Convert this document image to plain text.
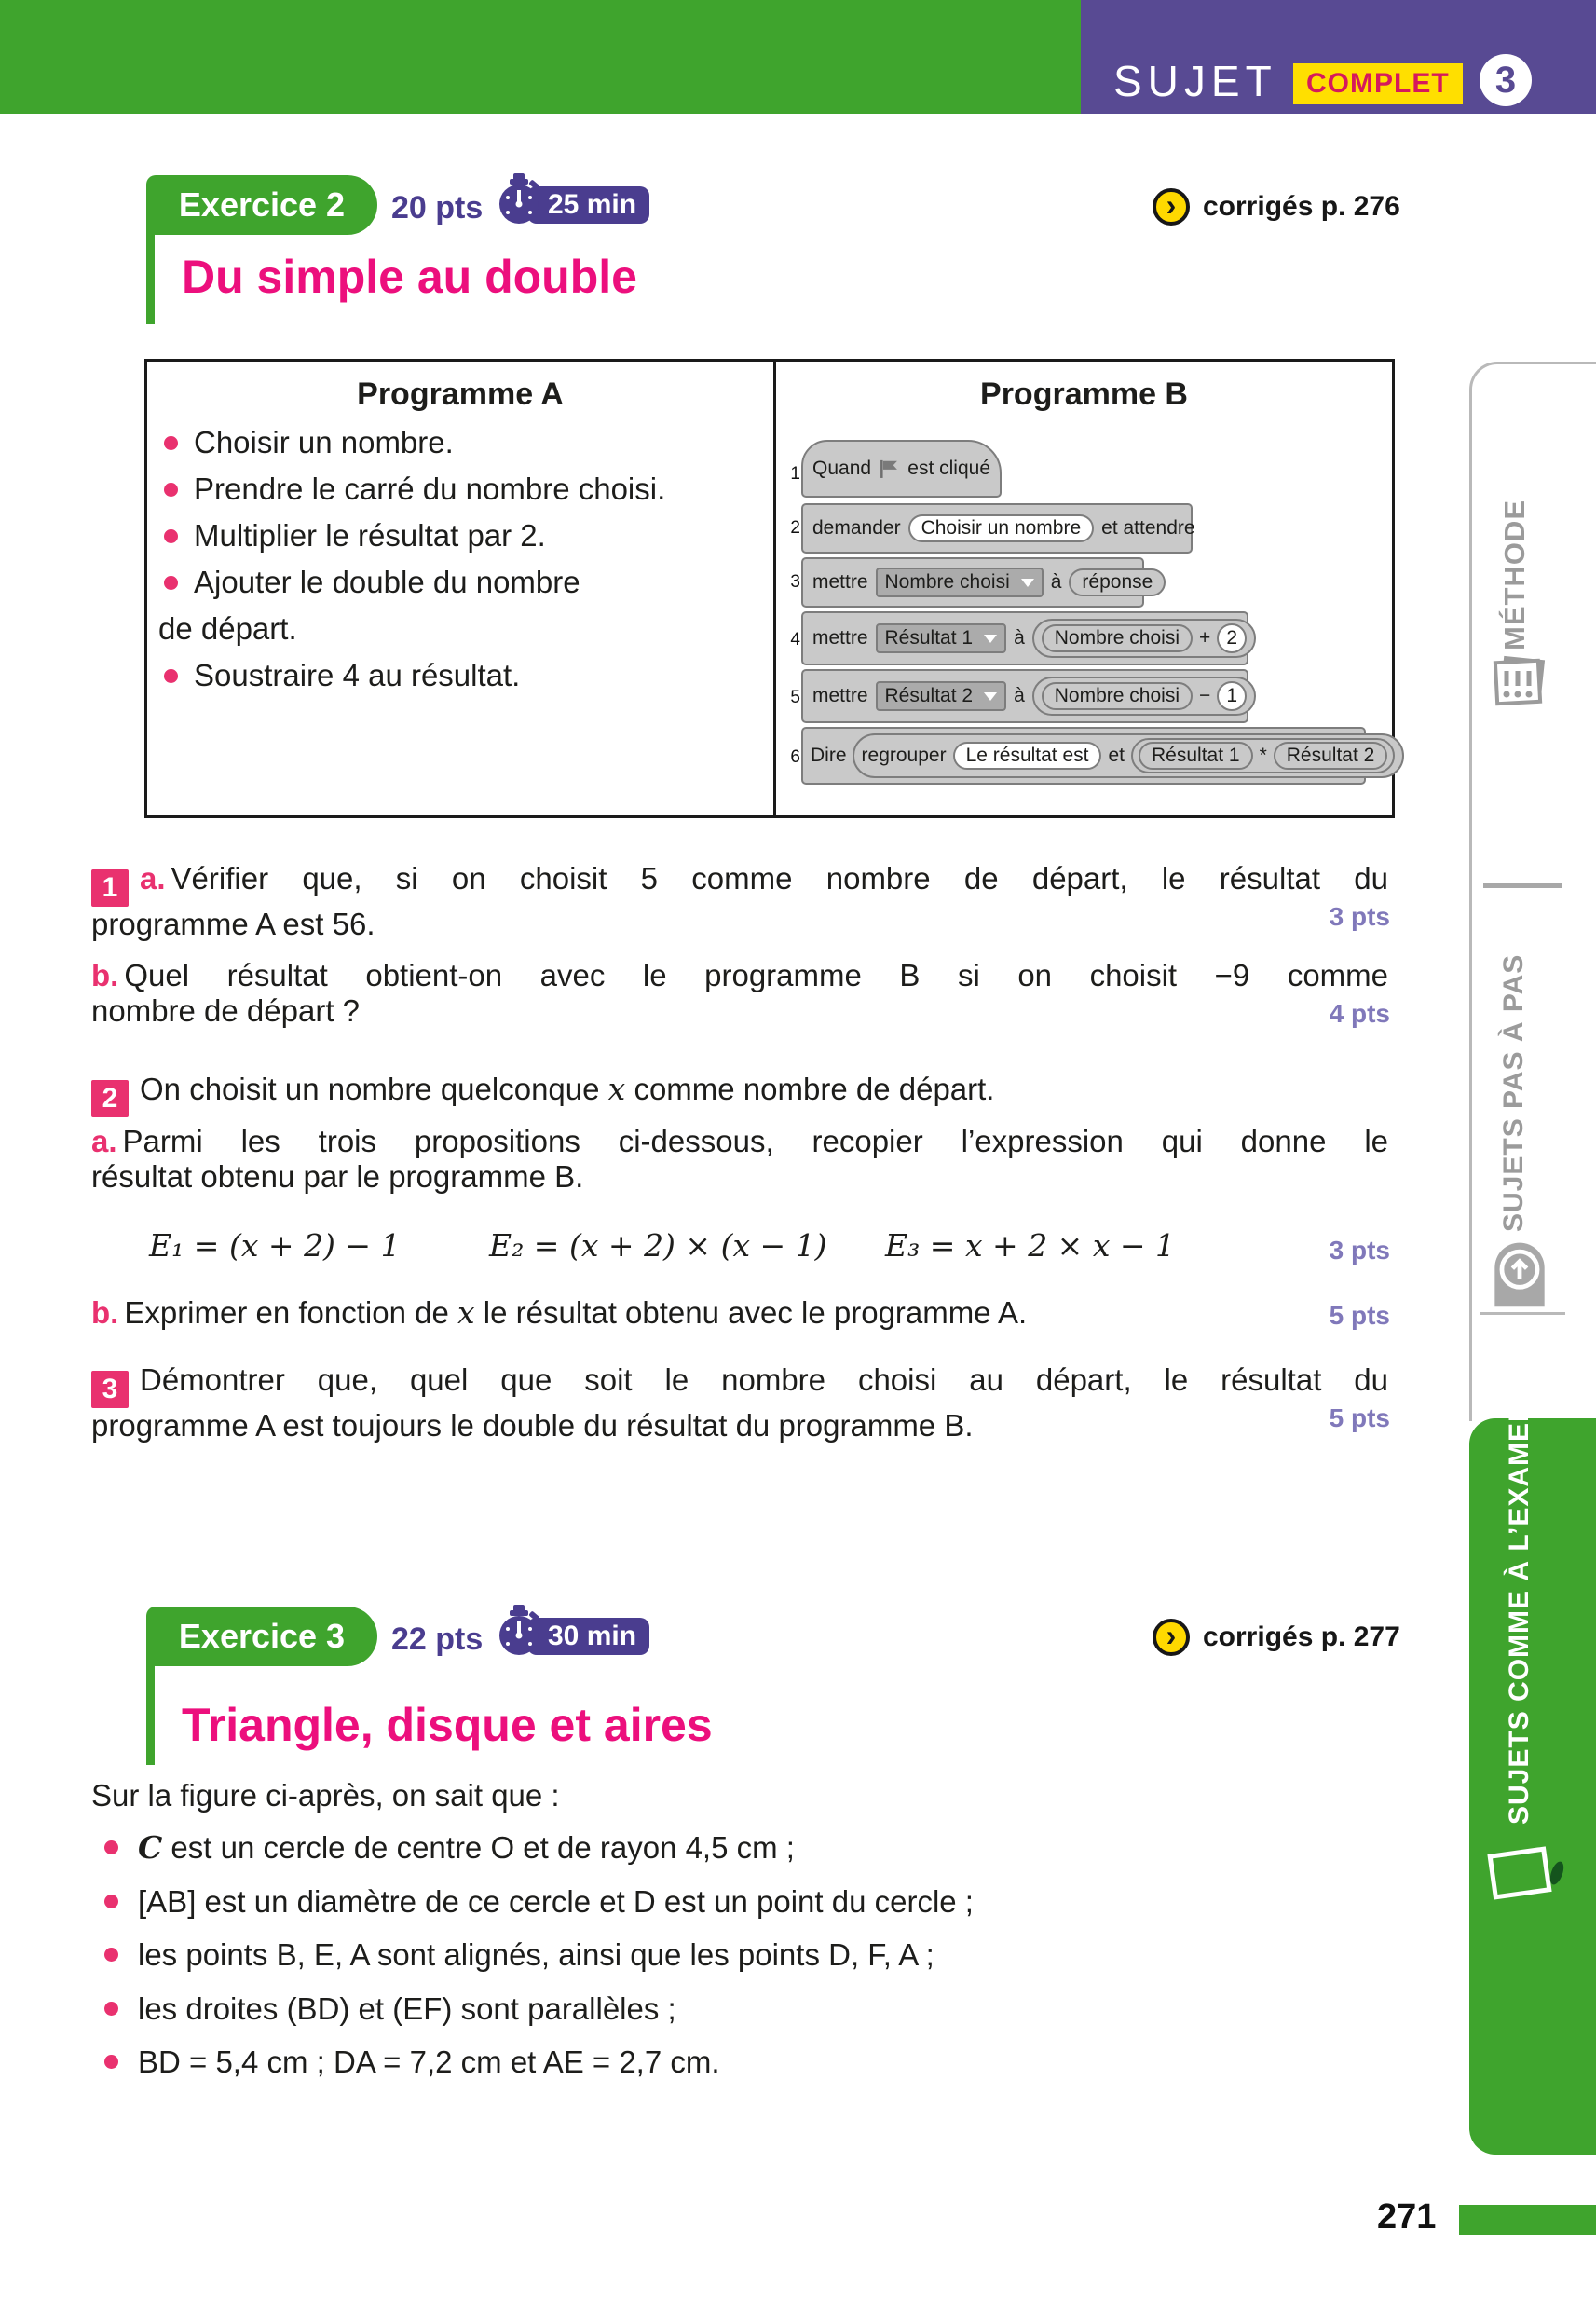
SUJET	COMPLET	3
Exercice 2	20 pts	25 min	› corrigés p. 276
Du simple au double
Programme A
Choisir un nombre.
Prendre le carré du nombre choisi.
Multiplier le résultat par 2.
Ajouter le double du nombre
de départ.
Soustraire 4 au résultat.
Programme B
1 Quand est cliqué
2 demander	Choisir un nombre	et attendre
3 mettre Nombre choisi à	réponse
4 mettre Résultat 1 à	Nombre choisi	+ 2
5 mettre Résultat 2 à	Nombre choisi	− 1
6 Dire regrouper	Le résultat est	et	Résultat 1	*	Résultat 2
1 a. Vérifier que, si on choisit 5 comme nombre de départ, le résultat du
programme A est 56.	3 pts
b. Quel résultat obtient-on avec le programme B si on choisit −9 comme
nombre de départ ?	4 pts
2 On choisit un nombre quelconque x comme nombre de départ.
a. Parmi les trois propositions ci-dessous, recopier l’expression qui donne le
résultat obtenu par le programme B.
E₁ = (x + 2) − 1	E₂ = (x + 2) × (x − 1) E₃ = x + 2 × x − 1	3 pts
b. Exprimer en fonction de x le résultat obtenu avec le programme A.	5 pts
3 Démontrer que, quel que soit le nombre choisi au départ, le résultat du
programme A est toujours le double du résultat du programme B.	5 pts
Exercice 3	22 pts	30 min	› corrigés p. 277
Triangle, disque et aires
Sur la figure ci-après, on sait que :
C est un cercle de centre O et de rayon 4,5 cm ;
[AB] est un diamètre de ce cercle et D est un point du cercle ;
les points B, E, A sont alignés, ainsi que les points D, F, A ;
les droites (BD) et (EF) sont parallèles ;
BD = 5,4 cm ; DA = 7,2 cm et AE = 2,7 cm.
MÉTHODE
SUJETS PAS À PAS
SUJETS COMME À L’EXAMEN
271
